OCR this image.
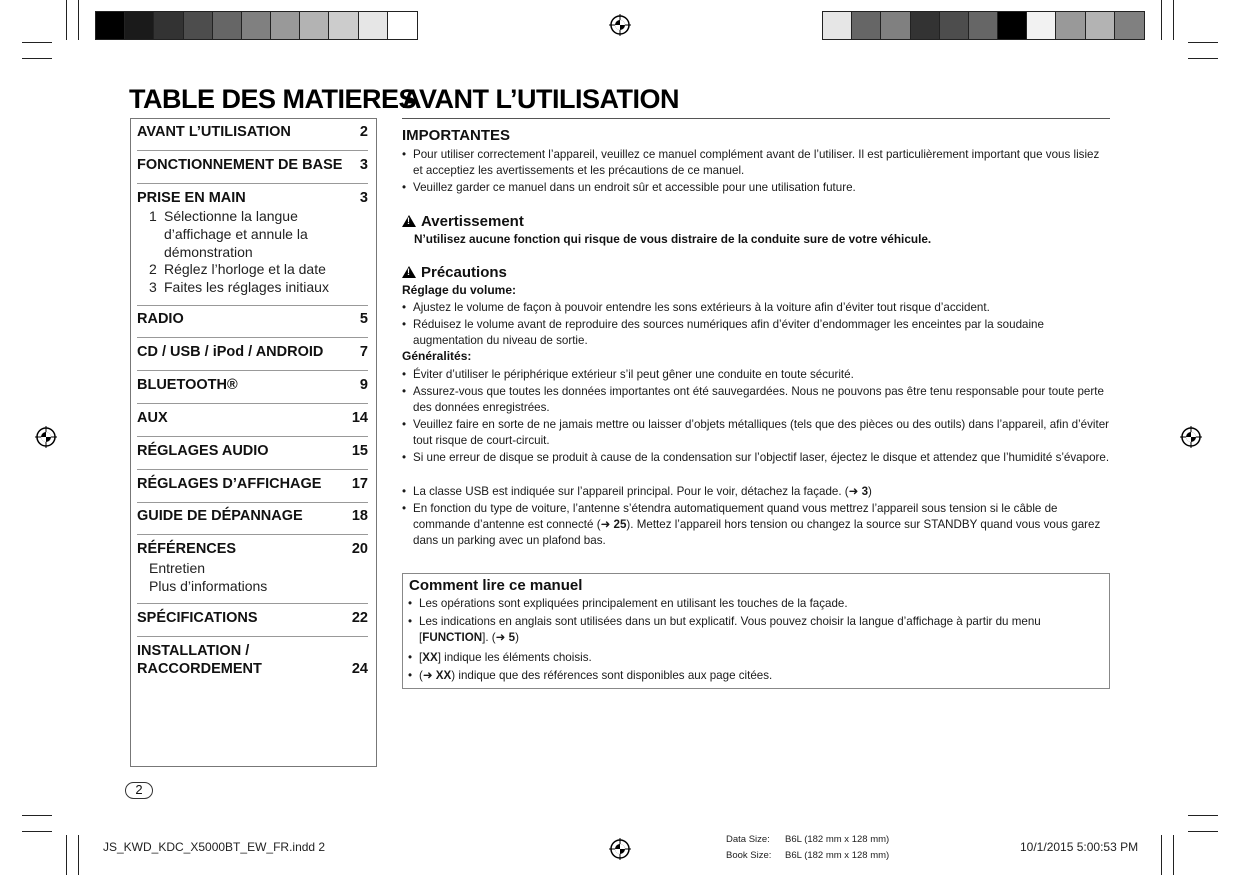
TABLE DES MATIERES
AVANT L’UTILISATION
AVANT L’UTILISATION	2
FONCTIONNEMENT DE BASE 3
PRISE EN MAIN	3
1 Sélectionne la langue
d’affichage et annule la
démonstration
2 Réglez l’horloge et la date
3 Faites les réglages initiaux
RADIO	5
CD / USB / iPod / ANDROID	7
BLUETOOTH®	9
AUX	14
RÉGLAGES AUDIO	15
RÉGLAGES D’AFFICHAGE 17
GUIDE DE DÉPANNAGE	18
RÉFÉRENCES	20
Entretien
Plus d’informations
SPÉCIFICATIONS	22
INSTALLATION /
RACCORDEMENT	24
IMPORTANTES
• Pour utiliser correctement l’appareil, veuillez ce manuel complément avant de l’utiliser. Il est particulièrement important que vous lisiez et acceptiez les avertissements et les précautions de ce manuel.
• Veuillez garder ce manuel dans un endroit sûr et accessible pour une utilisation future.
!Avertissement
N’utilisez aucune fonction qui risque de vous distraire de la conduite sure de votre véhicule.
!Précautions
Réglage du volume:
• Ajustez le volume de façon à pouvoir entendre les sons extérieurs à la voiture afin d’éviter tout risque d’accident.
• Réduisez le volume avant de reproduire des sources numériques afin d’éviter d’endommager les enceintes par la soudaine augmentation du niveau de sortie.
Généralités:
• Éviter d’utiliser le périphérique extérieur s’il peut gêner une conduite en toute sécurité.
• Assurez-vous que toutes les données importantes ont été sauvegardées. Nous ne pouvons pas être tenu responsable pour toute perte des données enregistrées.
• Veuillez faire en sorte de ne jamais mettre ou laisser d’objets métalliques (tels que des pièces ou des outils) dans l’appareil, afin d’éviter tout risque de court-circuit.
• Si une erreur de disque se produit à cause de la condensation sur l’objectif laser, éjectez le disque et attendez que l’humidité s’évapore.
• La classe USB est indiquée sur l’appareil principal. Pour le voir, détachez la façade. (➜ 3)
• En fonction du type de voiture, l’antenne s’étendra automatiquement quand vous mettrez l’appareil sous tension si le câble de commande d’antenne est connecté (➜ 25). Mettez l’appareil hors tension ou changez la source sur STANDBY quand vous vous garez dans un parking avec un plafond bas.
Comment lire ce manuel
• Les opérations sont expliquées principalement en utilisant les touches de la façade.
• Les indications en anglais sont utilisées dans un but explicatif. Vous pouvez choisir la langue d’affichage à partir du menu [FUNCTION]. (➜ 5)
• [XX] indique les éléments choisis.
• (➜ XX) indique que des références sont disponibles aux page citées.
2
JS_KWD_KDC_X5000BT_EW_FR.indd 2
Data Size: B6L (182 mm x 128 mm)
Book Size: B6L (182 mm x 128 mm)
10/1/2015 5:00:53 PM
